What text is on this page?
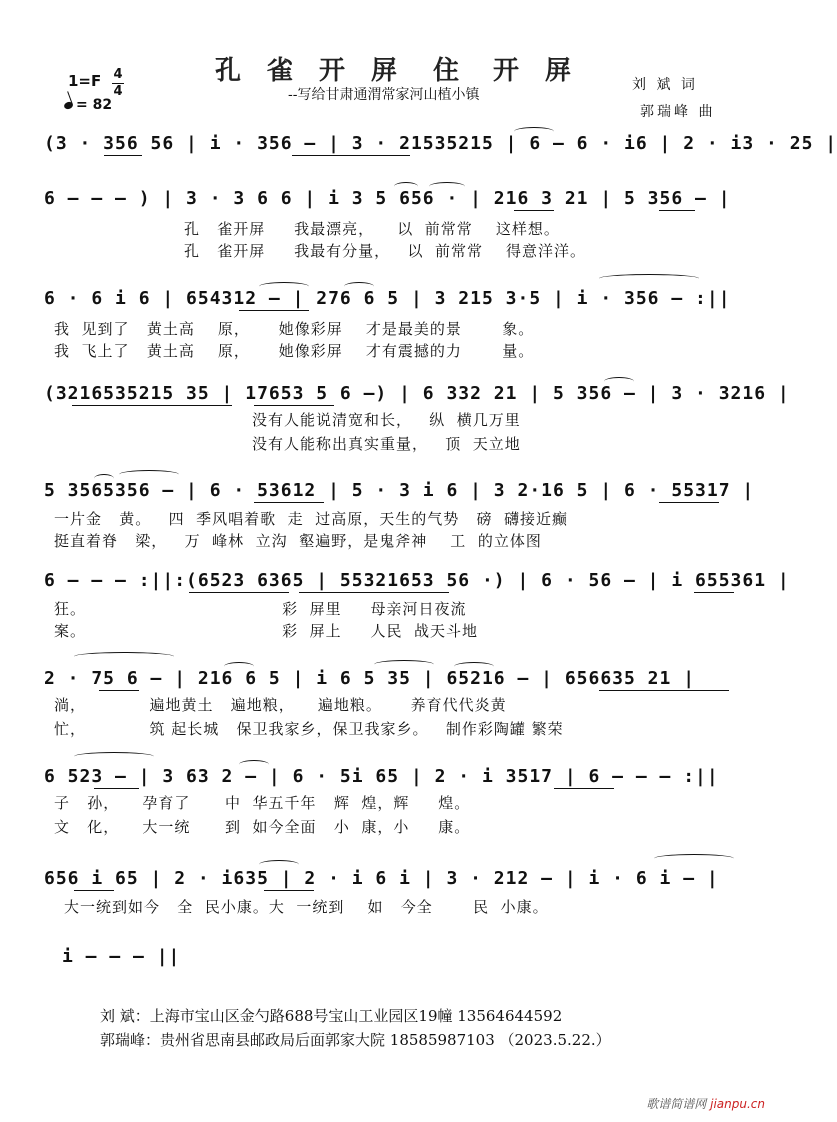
孔 雀 开 屏 住 开 屏
--写给甘肃通渭常家河山植小镇
刘 斌 词
郭瑞峰 曲
1=F 4
4
= 82
(3 · 356 56 | i · 356 – | 3 · 21535215 | 6 – 6 · i6 | 2 · i3 · 25 |
6 – – – ) | 3 · 3 6 6 | i 3 5 656 · | 216 3 21 | 5 356 – |
孔   雀开屏     我最漂亮，    以  前常常    这样想。
孔   雀开屏     我最有分量，   以  前常常    得意洋洋。
6 · 6 i 6 | 654312 – | 276 6 5 | 3 215 3·5 | i · 356 – :||
我  见到了   黄土高    原，     她像彩屏    才是最美的景       象。
我  飞上了   黄土高    原，     她像彩屏    才有震撼的力       量。
(3216535215 35 | 17653 5 6 –) | 6 332 21 | 5 356 – | 3 · 3216 |
没有人能说清宽和长，   纵  横几万里
没有人能称出真实重量，   顶  天立地
5 3565356 – | 6 · 53612 | 5 · 3 i 6 | 3 2·16 5 | 6 · 55317 |
一片金   黄。   四  季风唱着歌  走  过高原，天生的气势   磅  礴接近癫
挺直着脊   梁，   万  峰林  立沟  壑遍野，是鬼斧神    工  的立体图
6 – – – :||:(6523 6365 | 55321653 56 ·) | 6 · 56 – | i 655361 |
狂。                                  彩  屏里     母亲河日夜流
案。                                  彩  屏上     人民  战天斗地
2 · 75 6 – | 216 6 5 | i 6 5 35 | 65216 – | 656635 21 |
淌，           遍地黄土   遍地粮，    遍地粮。     养育代代炎黄
忙，           筑 起长城   保卫我家乡，保卫我家乡。   制作彩陶罐 繁荣
6 523 – | 3 63 2 – | 6 · 5i 65 | 2 · i 3517 | 6 – – – :||
子   孙，    孕育了      中  华五千年   辉  煌，辉     煌。
文   化，    大一统      到  如今全面   小  康，小     康。
656 i 65 | 2 · i635 | 2 · i 6 i | 3 · 212 – | i · 6 i – |
大一统到如今   全  民小康。大  一统到    如   今全       民  小康。
i – – – ||
刘 斌：上海市宝山区金勺路688号宝山工业园区19幢 13564644592
郭瑞峰：贵州省思南县邮政局后面郭家大院 18585987103 （2023.5.22.）
歌谱简谱网 jianpu.cn
